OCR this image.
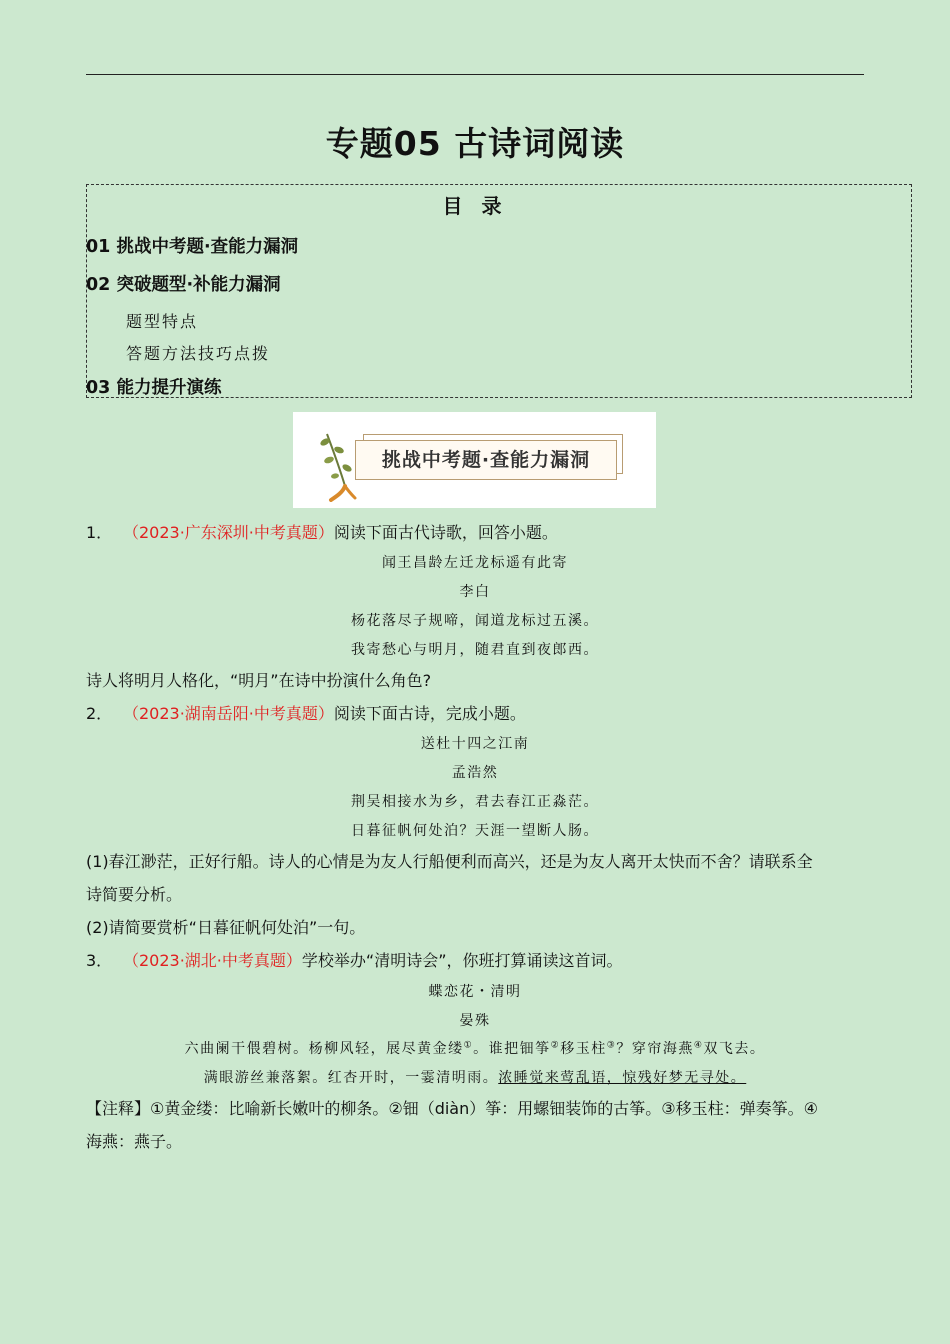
专题05 古诗词阅读
目 录
01 挑战中考题·查能力漏洞
02 突破题型·补能力漏洞
题型特点
答题方法技巧点拨
03 能力提升演练
挑战中考题·查能力漏洞
1． （2023·广东深圳·中考真题）阅读下面古代诗歌，回答小题。
闻王昌龄左迁龙标遥有此寄
李白
杨花落尽子规啼，闻道龙标过五溪。
我寄愁心与明月，随君直到夜郎西。
诗人将明月人格化，“明月”在诗中扮演什么角色?
2． （2023·湖南岳阳·中考真题）阅读下面古诗，完成小题。
送杜十四之江南
孟浩然
荆吴相接水为乡，君去春江正淼茫。
日暮征帆何处泊？天涯一望断人肠。
(1)春江渺茫，正好行船。诗人的心情是为友人行船便利而高兴，还是为友人离开太快而不舍？请联系全
诗简要分析。
(2)请简要赏析“日暮征帆何处泊”一句。
3． （2023·湖北·中考真题）学校举办“清明诗会”，你班打算诵读这首词。
蝶恋花・清明
晏殊
六曲阑干偎碧树。杨柳风轻，展尽黄金缕①。谁把钿筝②移玉柱③？穿帘海燕④双飞去。
满眼游丝兼落絮。红杏开时，一霎清明雨。浓睡觉来莺乱语，惊残好梦无寻处。
【注释】①黄金缕：比喻新长嫩叶的柳条。②钿（diàn）筝：用螺钿装饰的古筝。③移玉柱：弹奏筝。④
海燕：燕子。
